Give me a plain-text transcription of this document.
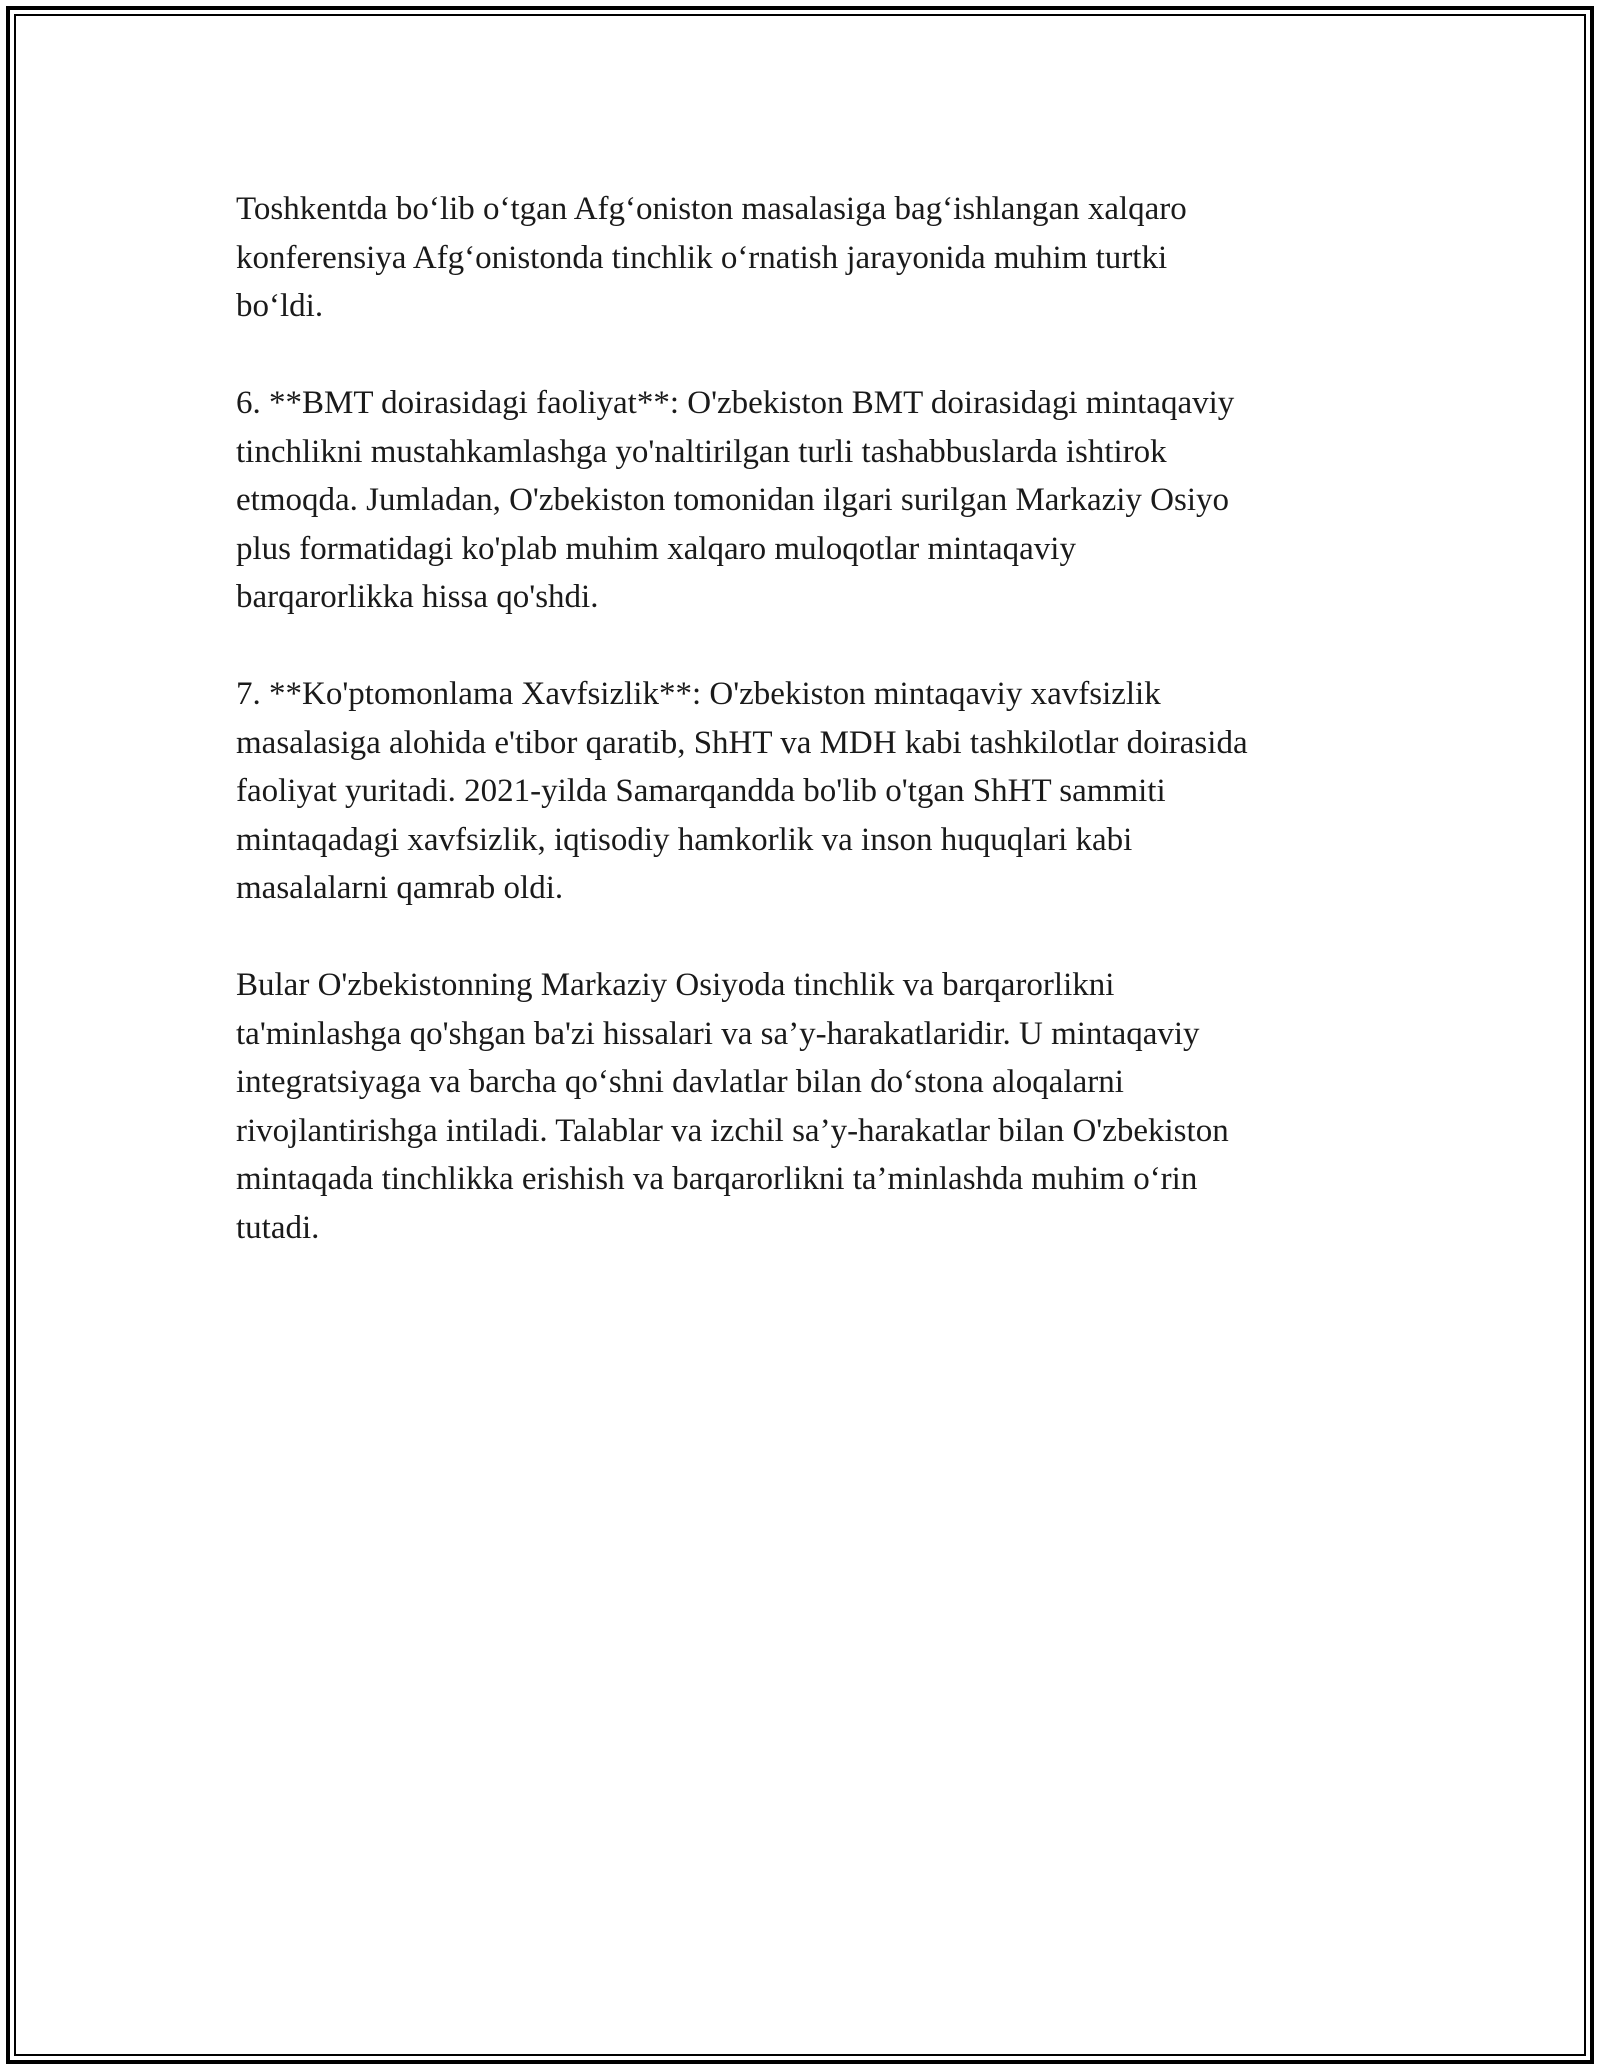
Toshkentda bo‘lib o‘tgan Afg‘oniston masalasiga bag‘ishlangan xalqaro
konferensiya Afg‘onistonda tinchlik o‘rnatish jarayonida muhim turtki
bo‘ldi.

6. **BMT doirasidagi faoliyat**: O'zbekiston BMT doirasidagi mintaqaviy
tinchlikni mustahkamlashga yo'naltirilgan turli tashabbuslarda ishtirok
etmoqda. Jumladan, O'zbekiston tomonidan ilgari surilgan Markaziy Osiyo
plus formatidagi ko'plab muhim xalqaro muloqotlar mintaqaviy
barqarorlikka hissa qo'shdi.

7. **Ko'ptomonlama Xavfsizlik**: O'zbekiston mintaqaviy xavfsizlik
masalasiga alohida e'tibor qaratib, ShHT va MDH kabi tashkilotlar doirasida
faoliyat yuritadi. 2021-yilda Samarqandda bo'lib o'tgan ShHT sammiti
mintaqadagi xavfsizlik, iqtisodiy hamkorlik va inson huquqlari kabi
masalalarni qamrab oldi.

Bular O'zbekistonning Markaziy Osiyoda tinchlik va barqarorlikni
ta'minlashga qo'shgan ba'zi hissalari va sa’y-harakatlaridir. U mintaqaviy
integratsiyaga va barcha qo‘shni davlatlar bilan do‘stona aloqalarni
rivojlantirishga intiladi. Talablar va izchil sa’y-harakatlar bilan O'zbekiston
mintaqada tinchlikka erishish va barqarorlikni ta’minlashda muhim o‘rin
tutadi.
